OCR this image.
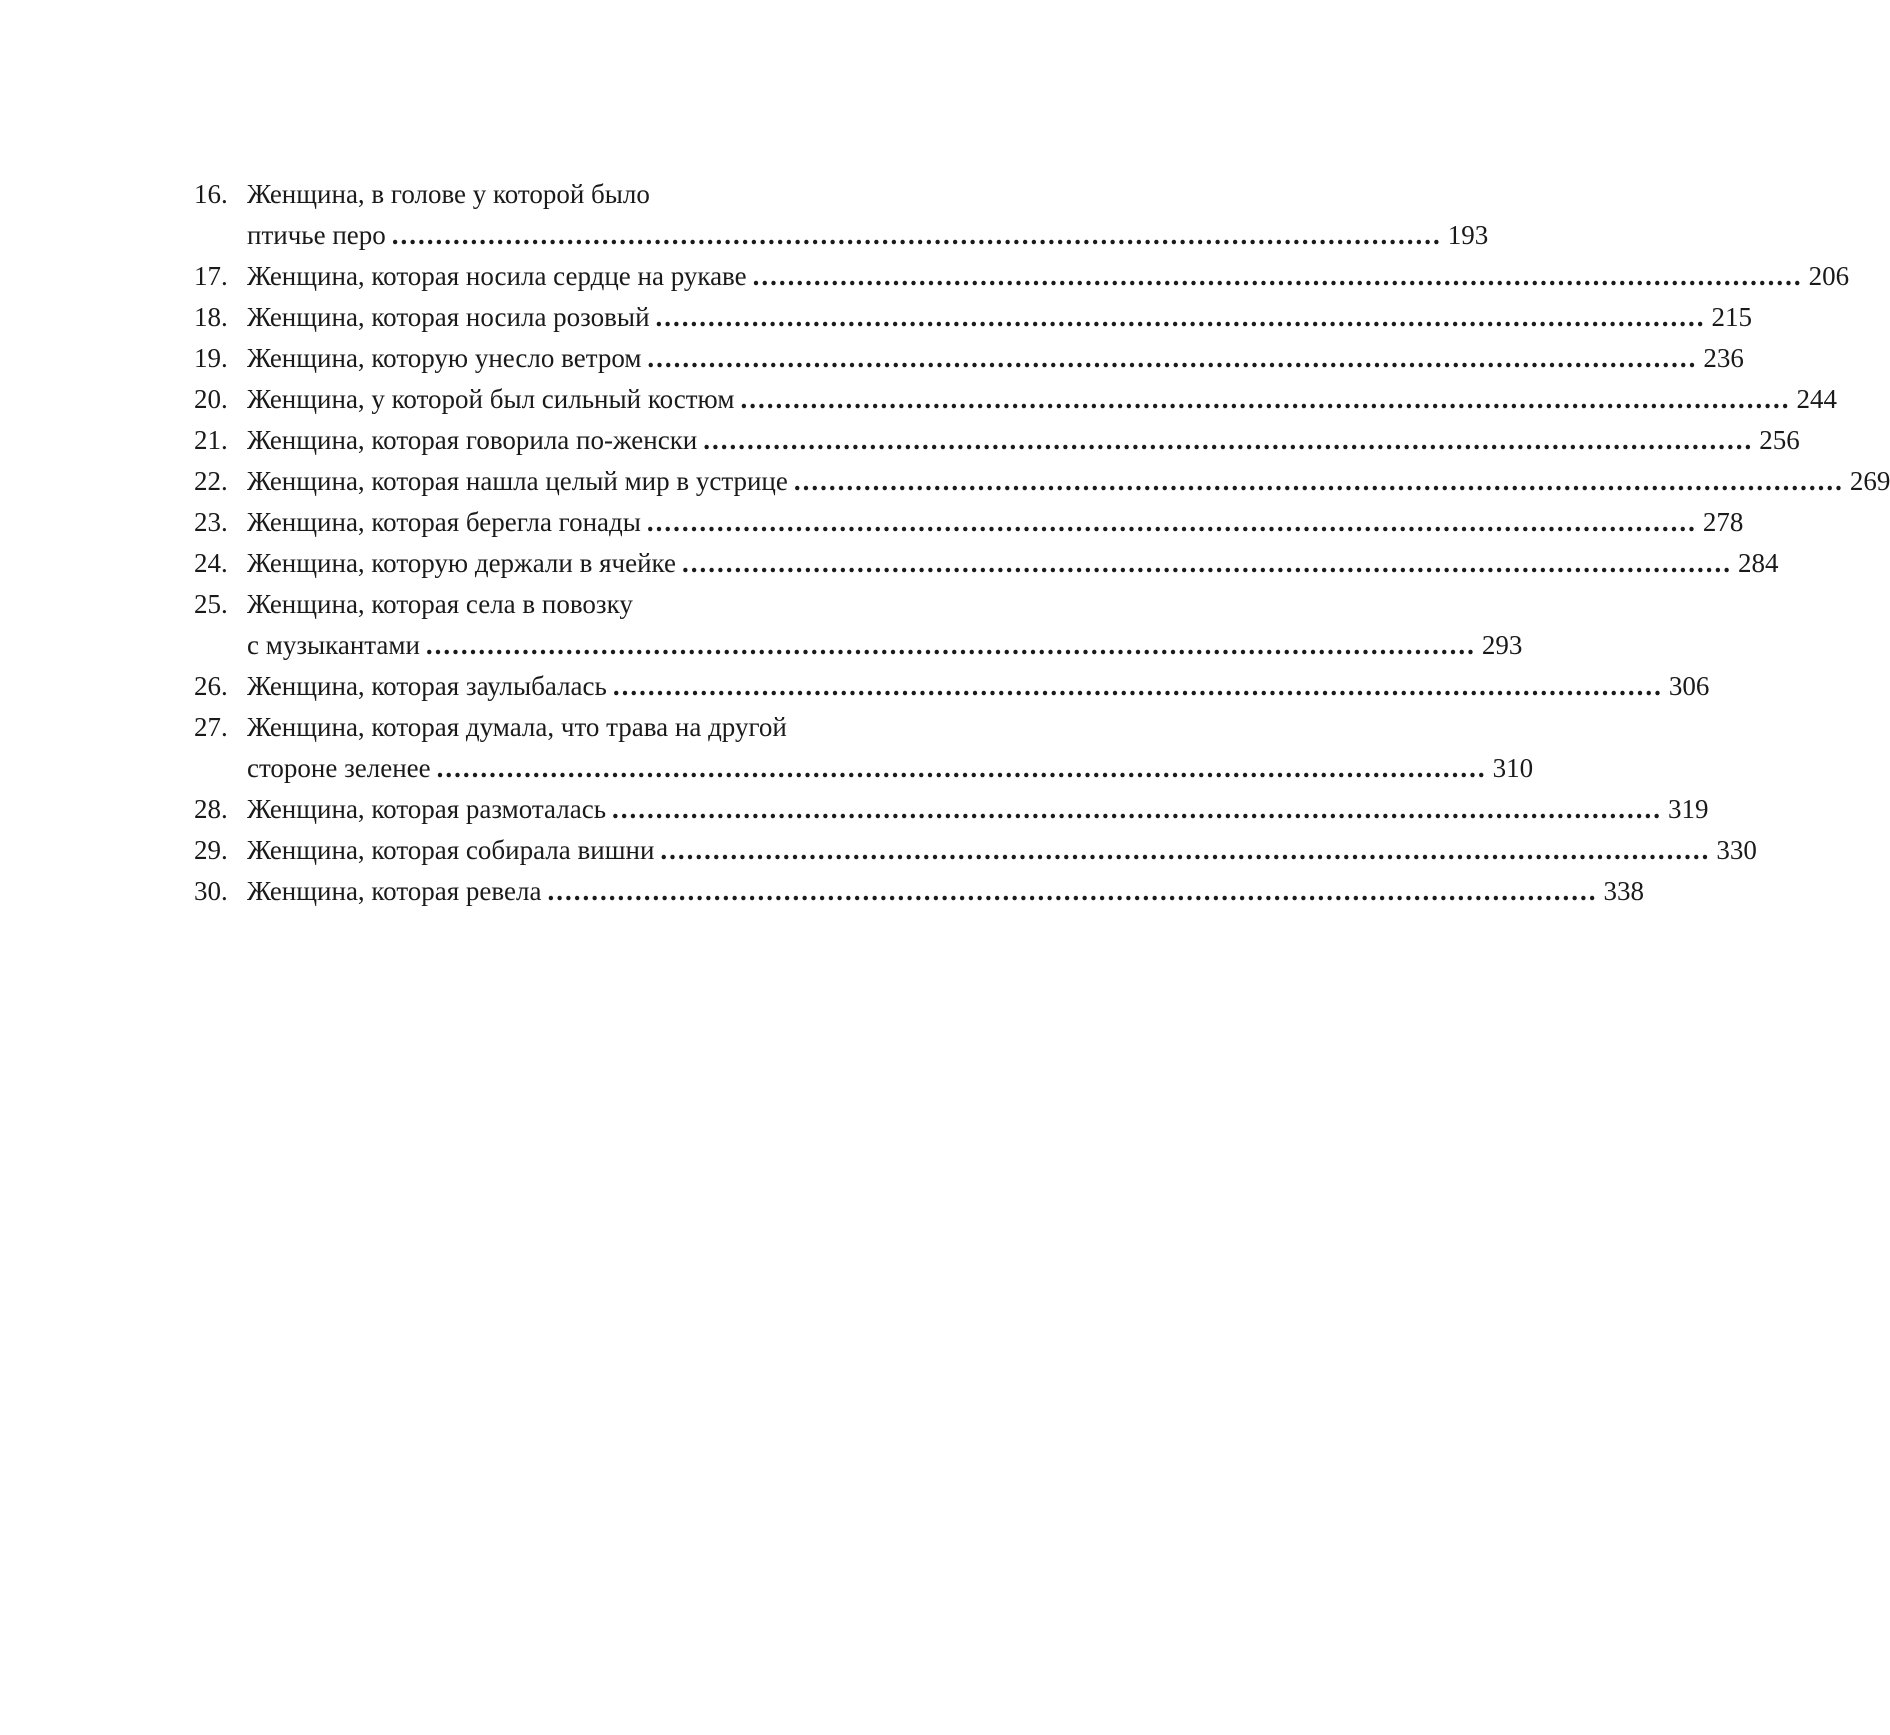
16. Женщина, в голове у которой было
птичье перо ........................................................................................................................ 193
17. Женщина, которая носила сердце на рукаве ........................................................................................................................ 206
18. Женщина, которая носила розовый ........................................................................................................................ 215
19. Женщина, которую унесло ветром ........................................................................................................................ 236
20. Женщина, у которой был сильный костюм ........................................................................................................................ 244
21. Женщина, которая говорила по-женски ........................................................................................................................ 256
22. Женщина, которая нашла целый мир в устрице ........................................................................................................................ 269
23. Женщина, которая берегла гонады ........................................................................................................................ 278
24. Женщина, которую держали в ячейке ........................................................................................................................ 284
25. Женщина, которая села в повозку
с музыкантами ........................................................................................................................ 293
26. Женщина, которая заулыбалась ........................................................................................................................ 306
27. Женщина, которая думала, что трава на другой
стороне зеленее ........................................................................................................................ 310
28. Женщина, которая размоталась ........................................................................................................................ 319
29. Женщина, которая собирала вишни ........................................................................................................................ 330
30. Женщина, которая ревела ........................................................................................................................ 338
